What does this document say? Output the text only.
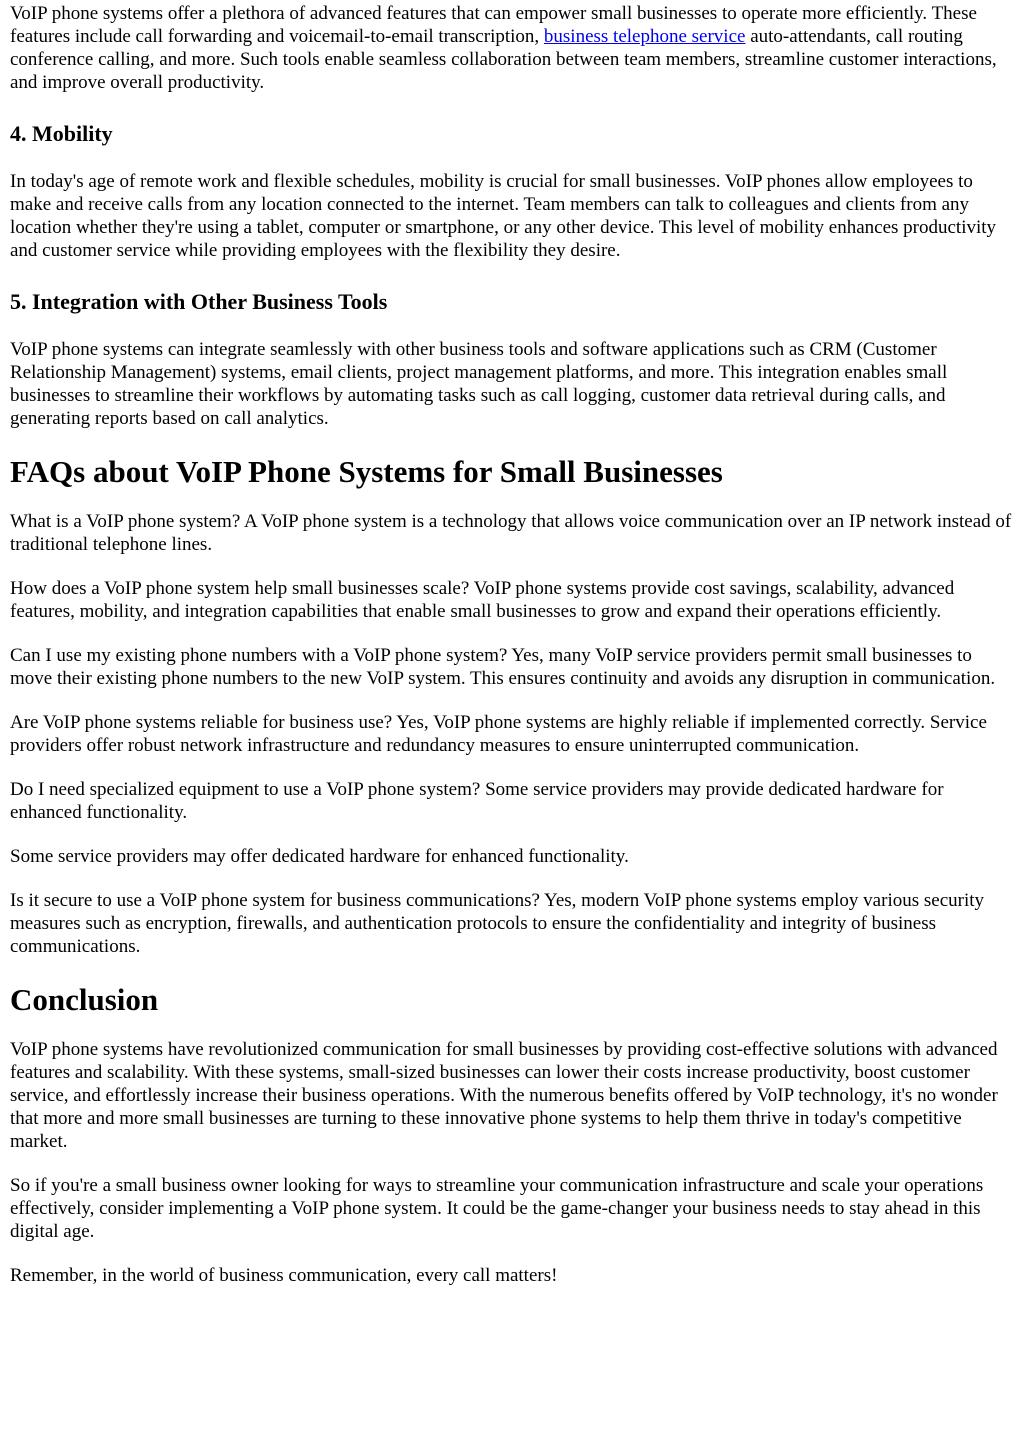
VoIP phone systems offer a plethora of advanced features that can empower small businesses to operate more efficiently. These features include call forwarding and voicemail-to-email transcription, business telephone service auto-attendants, call routing conference calling, and more. Such tools enable seamless collaboration between team members, streamline customer interactions, and improve overall productivity.

4. Mobility

In today's age of remote work and flexible schedules, mobility is crucial for small businesses. VoIP phones allow employees to make and receive calls from any location connected to the internet. Team members can talk to colleagues and clients from any location whether they're using a tablet, computer or smartphone, or any other device. This level of mobility enhances productivity and customer service while providing employees with the flexibility they desire.

5. Integration with Other Business Tools

VoIP phone systems can integrate seamlessly with other business tools and software applications such as CRM (Customer Relationship Management) systems, email clients, project management platforms, and more. This integration enables small businesses to streamline their workflows by automating tasks such as call logging, customer data retrieval during calls, and generating reports based on call analytics.

FAQs about VoIP Phone Systems for Small Businesses

What is a VoIP phone system? A VoIP phone system is a technology that allows voice communication over an IP network instead of traditional telephone lines.

How does a VoIP phone system help small businesses scale? VoIP phone systems provide cost savings, scalability, advanced features, mobility, and integration capabilities that enable small businesses to grow and expand their operations efficiently.

Can I use my existing phone numbers with a VoIP phone system? Yes, many VoIP service providers permit small businesses to move their existing phone numbers to the new VoIP system. This ensures continuity and avoids any disruption in communication.

Are VoIP phone systems reliable for business use? Yes, VoIP phone systems are highly reliable if implemented correctly. Service providers offer robust network infrastructure and redundancy measures to ensure uninterrupted communication.

Do I need specialized equipment to use a VoIP phone system? Some service providers may provide dedicated hardware for enhanced functionality.

Some service providers may offer dedicated hardware for enhanced functionality.

Is it secure to use a VoIP phone system for business communications? Yes, modern VoIP phone systems employ various security measures such as encryption, firewalls, and authentication protocols to ensure the confidentiality and integrity of business communications.

Conclusion

VoIP phone systems have revolutionized communication for small businesses by providing cost-effective solutions with advanced features and scalability. With these systems, small-sized businesses can lower their costs increase productivity, boost customer service, and effortlessly increase their business operations. With the numerous benefits offered by VoIP technology, it's no wonder that more and more small businesses are turning to these innovative phone systems to help them thrive in today's competitive market.

So if you're a small business owner looking for ways to streamline your communication infrastructure and scale your operations effectively, consider implementing a VoIP phone system. It could be the game-changer your business needs to stay ahead in this digital age.

Remember, in the world of business communication, every call matters!
